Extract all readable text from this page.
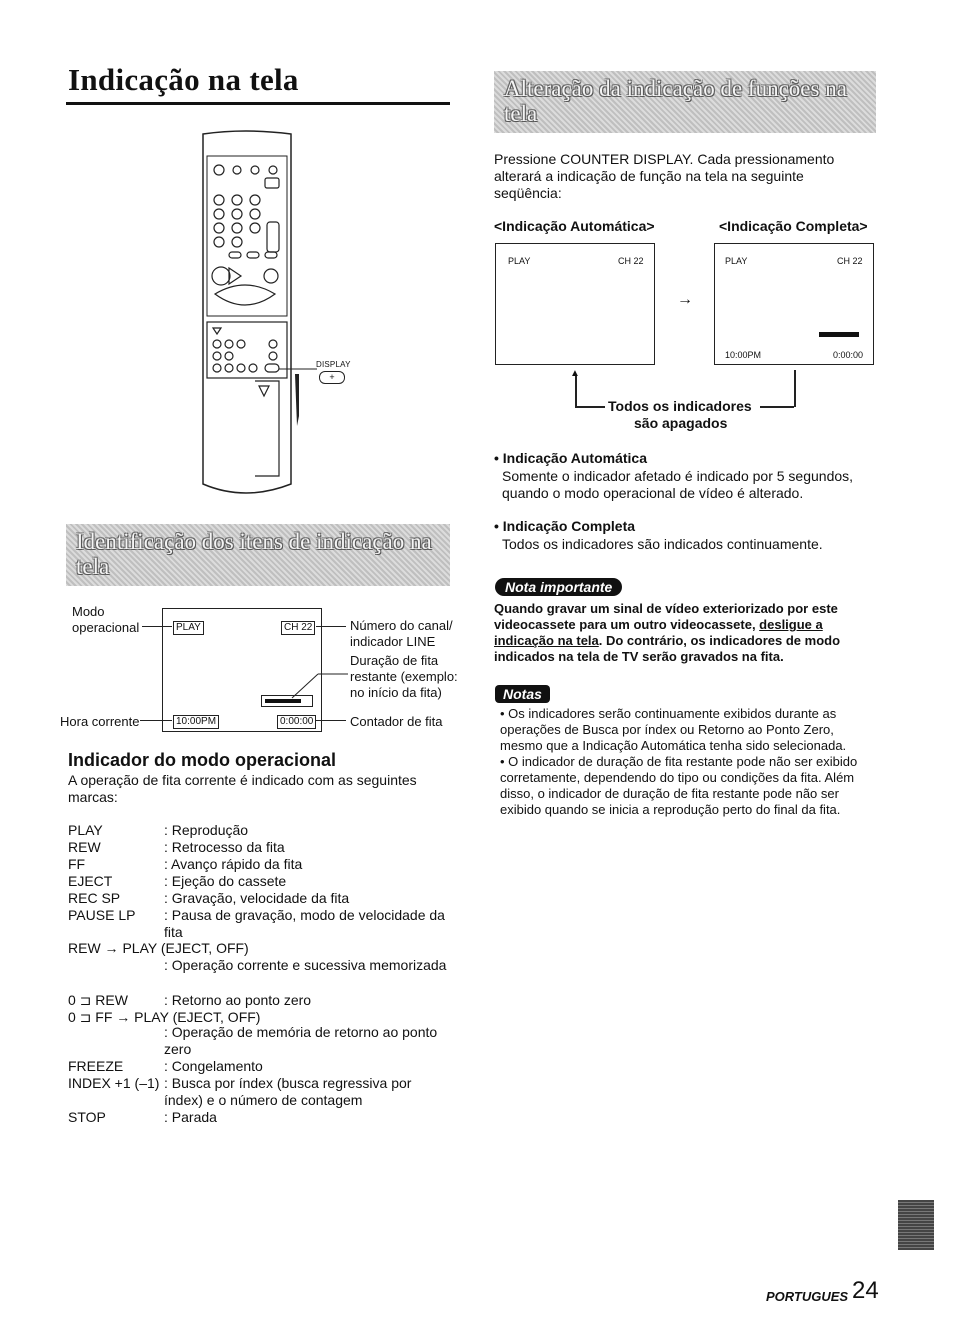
Indicação na tela
DISPLAY
+
Alteração da indicação de funções na tela
Pressione COUNTER DISPLAY. Cada pressionamento alterará a indicação de função na tela na seguinte seqüência:
<Indicação Automática>	<Indicação Completa>
PLAY	CH 22
→
PLAY	CH 22
10:00PM	0:00:00
▲
Todos os indicadores
são apagados
• Indicação Automática
Somente o indicador afetado é indicado por 5 segundos, quando o modo operacional de vídeo é alterado.
• Indicação Completa
Todos os indicadores são indicados continuamente.
Nota importante
Quando gravar um sinal de vídeo exteriorizado por este videocassete para um outro videocassete, desligue a indicação na tela. Do contrário, os indicadores de modo indicados na tela de TV serão gravados na fita.
Notas
• Os indicadores serão continuamente exibidos durante as operações de Busca por índex ou Retorno ao Ponto Zero, mesmo que a Indicação Automática tenha sido selecionada.
• O indicador de duração de fita restante pode não ser exibido corretamente, dependendo do tipo ou condições da fita. Além disso, o indicador de duração de fita restante pode não ser exibido quando se inicia a reprodução perto do final da fita.
Identificação dos itens de indicação na tela
Modo operacional
Hora corrente
PLAY	CH 22
10:00PM	0:00:00
Número do canal/ indicador LINE
Duração de fita restante (exemplo: no início da fita)
Contador de fita
Indicador do modo operacional
A operação de fita corrente é indicado com as seguintes marcas:
PLAY	: Reprodução
REW	: Retrocesso da fita
FF	: Avanço rápido da fita
EJECT	: Ejeção do cassete
REC SP	: Gravação, velocidade da fita
PAUSE LP : Pausa de gravação, modo de velocidade da fita
REW → PLAY (EJECT, OFF)
: Operação corrente e sucessiva memorizada
0 ⊐ REW	: Retorno ao ponto zero
0 ⊐ FF → PLAY (EJECT, OFF)
: Operação de memória de retorno ao ponto zero
FREEZE	: Congelamento
INDEX +1 (–1) : Busca por índex (busca regressiva por índex) e o número de contagem
STOP	: Parada
PORTUGUES 24
